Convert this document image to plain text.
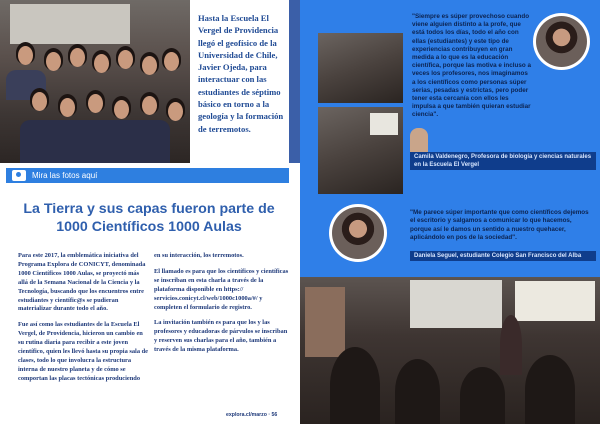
Hasta la Escuela El Vergel de Providencia llegó el geofísico de la Universidad de Chile, Javier Ojeda, para interactuar con las estudiantes de séptimo básico en torno a la geología y la formación de terremotos.
Mira las fotos aquí
La Tierra y sus capas fueron parte de
1000 Científicos 1000 Aulas

Para este 2017, la emblemática iniciativa del Programa Explora de CONICYT, denominada 1000 Científicos 1000 Aulas, se proyectó más allá de la Semana Nacional de la Ciencia y la Tecnología, buscando que los encuentros entre estudiantes y científic@s se pudieran materializar durante todo el año.

Fue así como las estudiantes de la Escuela El Vergel, de Providencia, hicieron un cambio en su rutina diaria para recibir a este joven científico, quien les llevó hasta su propia sala de clases, todo lo que involucra la estructura interna de nuestro planeta y de cómo se comportan las placas tectónicas produciendo

en su interacción, los terremotos.

El llamado es para que los científicos y científicas se inscriban en esta charla a través de la plataforma disponible en https:// servicios.conicyt.cl/web/1000c1000a/#/ y completen el formulario de registro.

La invitación también es para que los y las profesores y educadoras de párvulos se inscriban y reserven sus charlas para el año, también a través de la misma plataforma.

explora.cl/marzo · 56
"Siempre es súper provechoso cuando viene alguien distinto a la profe, que está todos los días, todo el año con ellas (estudiantes) y este tipo de experiencias contribuyen en gran medida a lo que es la educación científica, porque las motiva e incluso a veces los profesores, nos imaginamos a los científicos como personas súper serias, pesadas y estrictas, pero poder tener esta cercanía con ellos les impulsa a que también quieran estudiar ciencia".
Camila Valdenegro, Profesora de biología y ciencias naturales en la Escuela El Vergel
"Me parece súper importante que como científicos dejemos el escritorio y salgamos a comunicar lo que hacemos, porque así le damos un sentido a nuestro quehacer, aplicándolo en pos de la sociedad".
Daniela Seguel, estudiante Colegio San Francisco del Alba
